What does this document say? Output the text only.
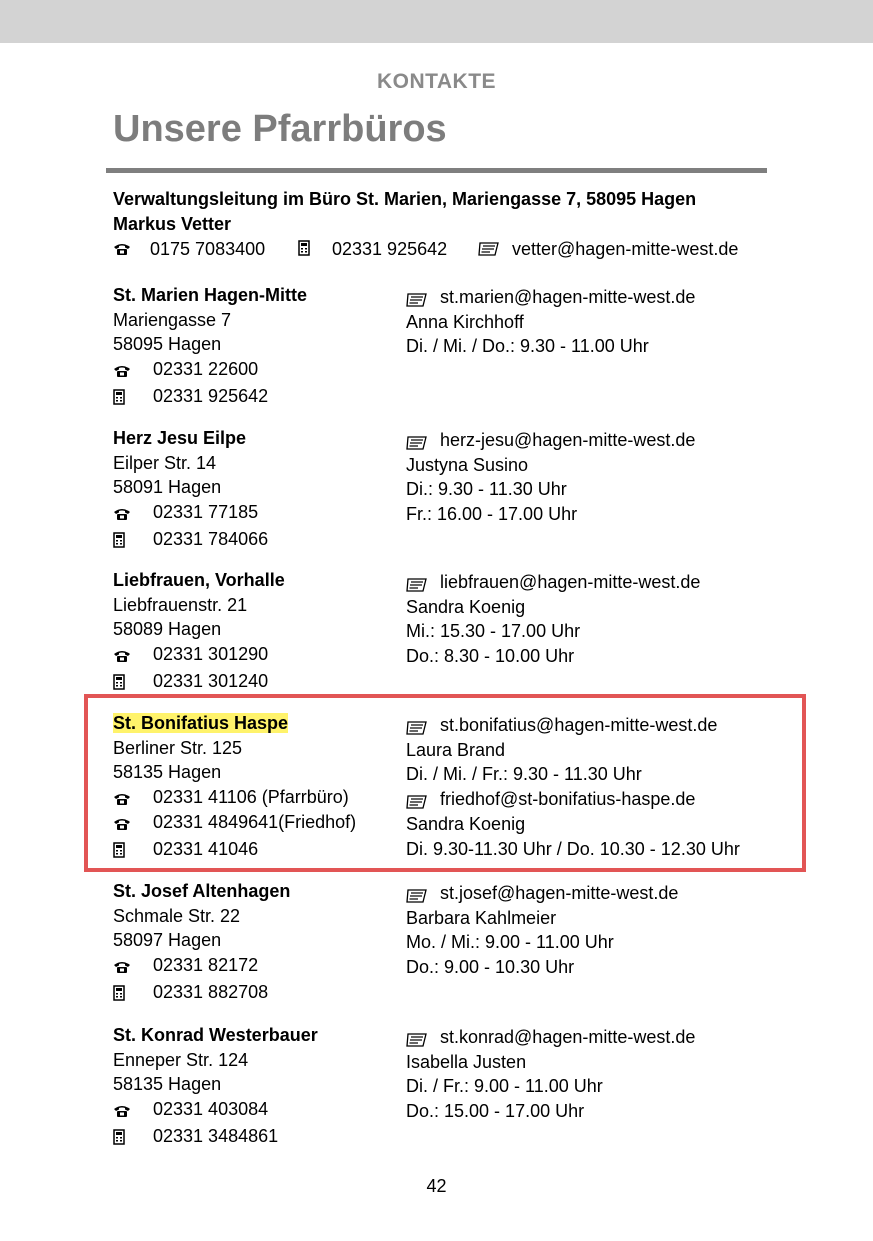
KONTAKTE
Unsere Pfarrbüros
Verwaltungsleitung im Büro St. Marien, Mariengasse 7, 58095 Hagen
Markus Vetter
0175 7083400	02331 925642	vetter@hagen-mitte-west.de
St. Marien Hagen-Mitte
Mariengasse 7
58095 Hagen
02331 22600
02331 925642
st.marien@hagen-mitte-west.de
Anna Kirchhoff
Di. / Mi. / Do.: 9.30 - 11.00 Uhr
Herz Jesu Eilpe
Eilper Str. 14
58091 Hagen
02331 77185
02331 784066
herz-jesu@hagen-mitte-west.de
Justyna Susino
Di.: 9.30 - 11.30 Uhr
Fr.: 16.00 - 17.00 Uhr
Liebfrauen, Vorhalle
Liebfrauenstr. 21
58089 Hagen
02331 301290
02331 301240
liebfrauen@hagen-mitte-west.de
Sandra Koenig
Mi.: 15.30 - 17.00 Uhr
Do.: 8.30 - 10.00 Uhr
St. Bonifatius Haspe
Berliner Str. 125
58135 Hagen
02331 41106 (Pfarrbüro)
02331 4849641(Friedhof)
02331 41046
st.bonifatius@hagen-mitte-west.de
Laura Brand
Di. / Mi. / Fr.: 9.30 - 11.30 Uhr
friedhof@st-bonifatius-haspe.de
Sandra Koenig
Di. 9.30-11.30 Uhr / Do. 10.30 - 12.30 Uhr
St. Josef Altenhagen
Schmale Str. 22
58097 Hagen
02331 82172
02331 882708
st.josef@hagen-mitte-west.de
Barbara Kahlmeier
Mo. / Mi.: 9.00 - 11.00 Uhr
Do.: 9.00 - 10.30 Uhr
St. Konrad Westerbauer
Enneper Str. 124
58135 Hagen
02331 403084
02331 3484861
st.konrad@hagen-mitte-west.de
Isabella Justen
Di. / Fr.: 9.00 - 11.00 Uhr
Do.: 15.00 - 17.00 Uhr
42
